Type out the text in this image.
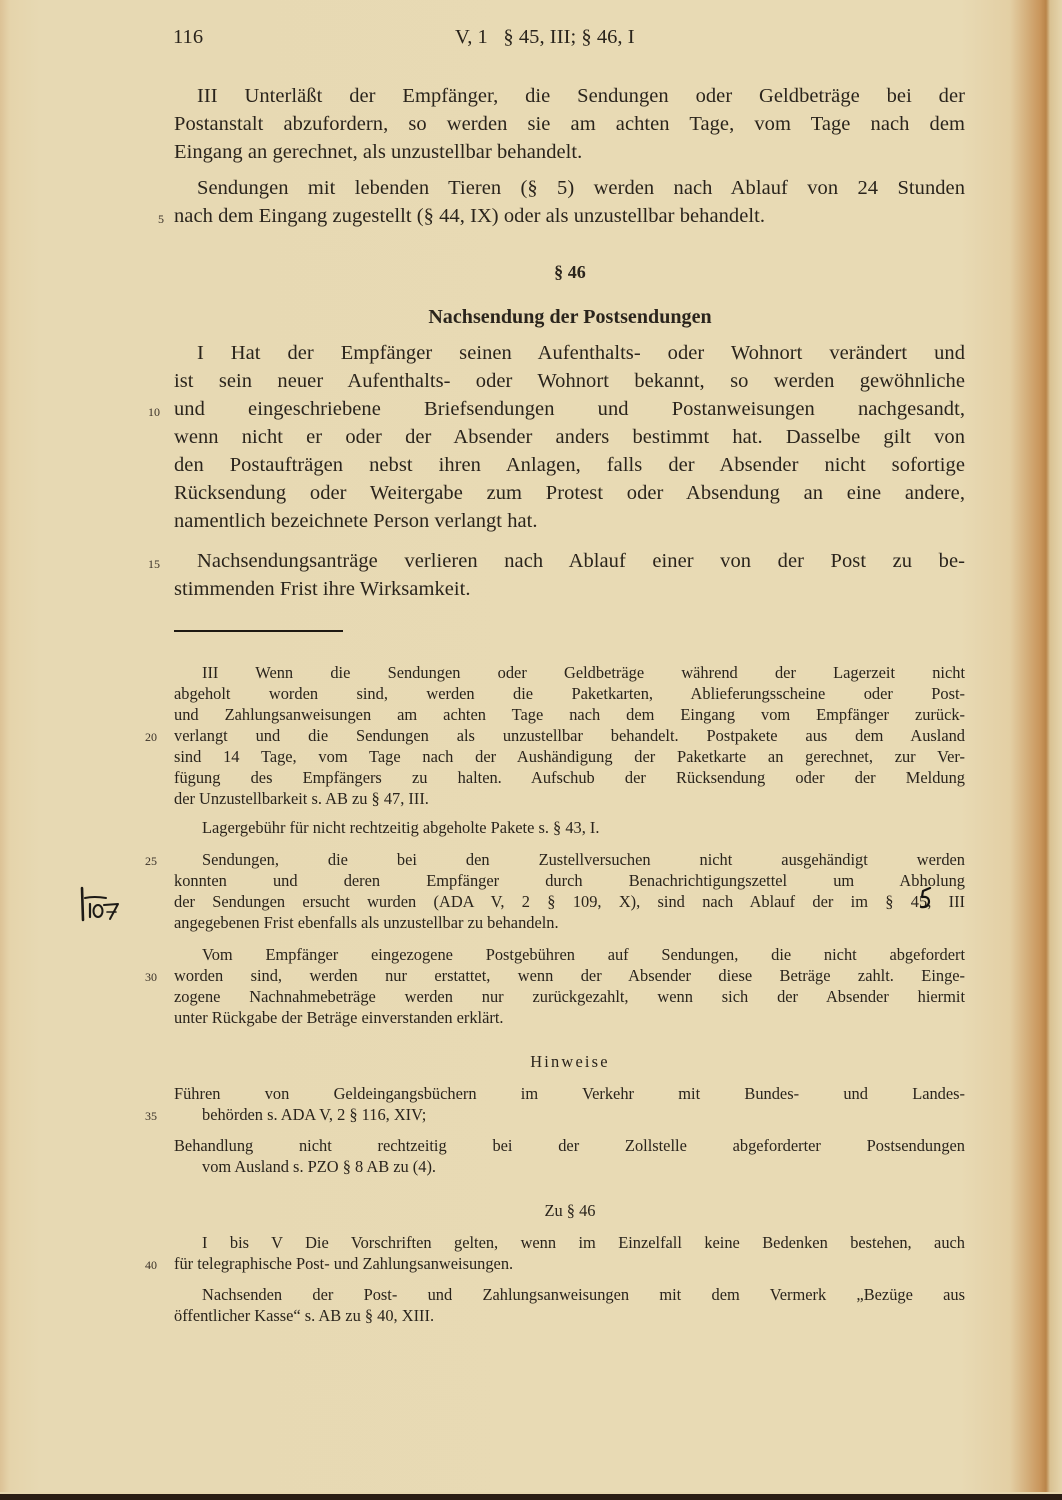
116	V, 1   § 45, III; § 46, I
III Unterläßt der Empfänger, die Sendungen oder Geldbeträge bei der
Postanstalt abzufordern, so werden sie am achten Tage, vom Tage nach dem
Eingang an gerechnet, als unzustellbar behandelt.
Sendungen mit lebenden Tieren (§ 5) werden nach Ablauf von 24 Stunden
nach dem Eingang zugestellt (§ 44, IX) oder als unzustellbar behandelt.
5
§ 46
Nachsendung der Postsendungen
I Hat der Empfänger seinen Aufenthalts- oder Wohnort verändert und
ist sein neuer Aufenthalts- oder Wohnort bekannt, so werden gewöhnliche
und eingeschriebene Briefsendungen und Postanweisungen nachgesandt,
10
wenn nicht er oder der Absender anders bestimmt hat. Dasselbe gilt von
den Postaufträgen nebst ihren Anlagen, falls der Absender nicht sofortige
Rücksendung oder Weitergabe zum Protest oder Absendung an eine andere,
namentlich bezeichnete Person verlangt hat.
Nachsendungsanträge verlieren nach Ablauf einer von der Post zu be-
15
stimmenden Frist ihre Wirksamkeit.
III Wenn die Sendungen oder Geldbeträge während der Lagerzeit nicht
abgeholt worden sind, werden die Paketkarten, Ablieferungsscheine oder Post-
und Zahlungsanweisungen am achten Tage nach dem Eingang vom Empfänger zurück-
verlangt und die Sendungen als unzustellbar behandelt. Postpakete aus dem Ausland
20
sind 14 Tage, vom Tage nach der Aushändigung der Paketkarte an gerechnet, zur Ver-
fügung des Empfängers zu halten. Aufschub der Rücksendung oder der Meldung
der Unzustellbarkeit s. AB zu § 47, III.
Lagergebühr für nicht rechtzeitig abgeholte Pakete s. § 43, I.
Sendungen, die bei den Zustellversuchen nicht ausgehändigt werden
25
konnten und deren Empfänger durch Benachrichtigungszettel um Abholung
der Sendungen ersucht wurden (ADA V, 2 § 109, X), sind nach Ablauf der im § 45, III
angegebenen Frist ebenfalls als unzustellbar zu behandeln.
Vom Empfänger eingezogene Postgebühren auf Sendungen, die nicht abgefordert
worden sind, werden nur erstattet, wenn der Absender diese Beträge zahlt. Einge-
30
zogene Nachnahmebeträge werden nur zurückgezahlt, wenn sich der Absender hiermit
unter Rückgabe der Beträge einverstanden erklärt.
Hinweise
Führen von Geldeingangsbüchern im Verkehr mit Bundes- und Landes-
behörden s. ADA V, 2 § 116, XIV;
35
Behandlung nicht rechtzeitig bei der Zollstelle abgeforderter Postsendungen
vom Ausland s. PZO § 8 AB zu (4).
Zu § 46
I bis V Die Vorschriften gelten, wenn im Einzelfall keine Bedenken bestehen, auch
für telegraphische Post- und Zahlungsanweisungen.
40
Nachsenden der Post- und Zahlungsanweisungen mit dem Vermerk „Bezüge aus
öffentlicher Kasse“ s. AB zu § 40, XIII.
